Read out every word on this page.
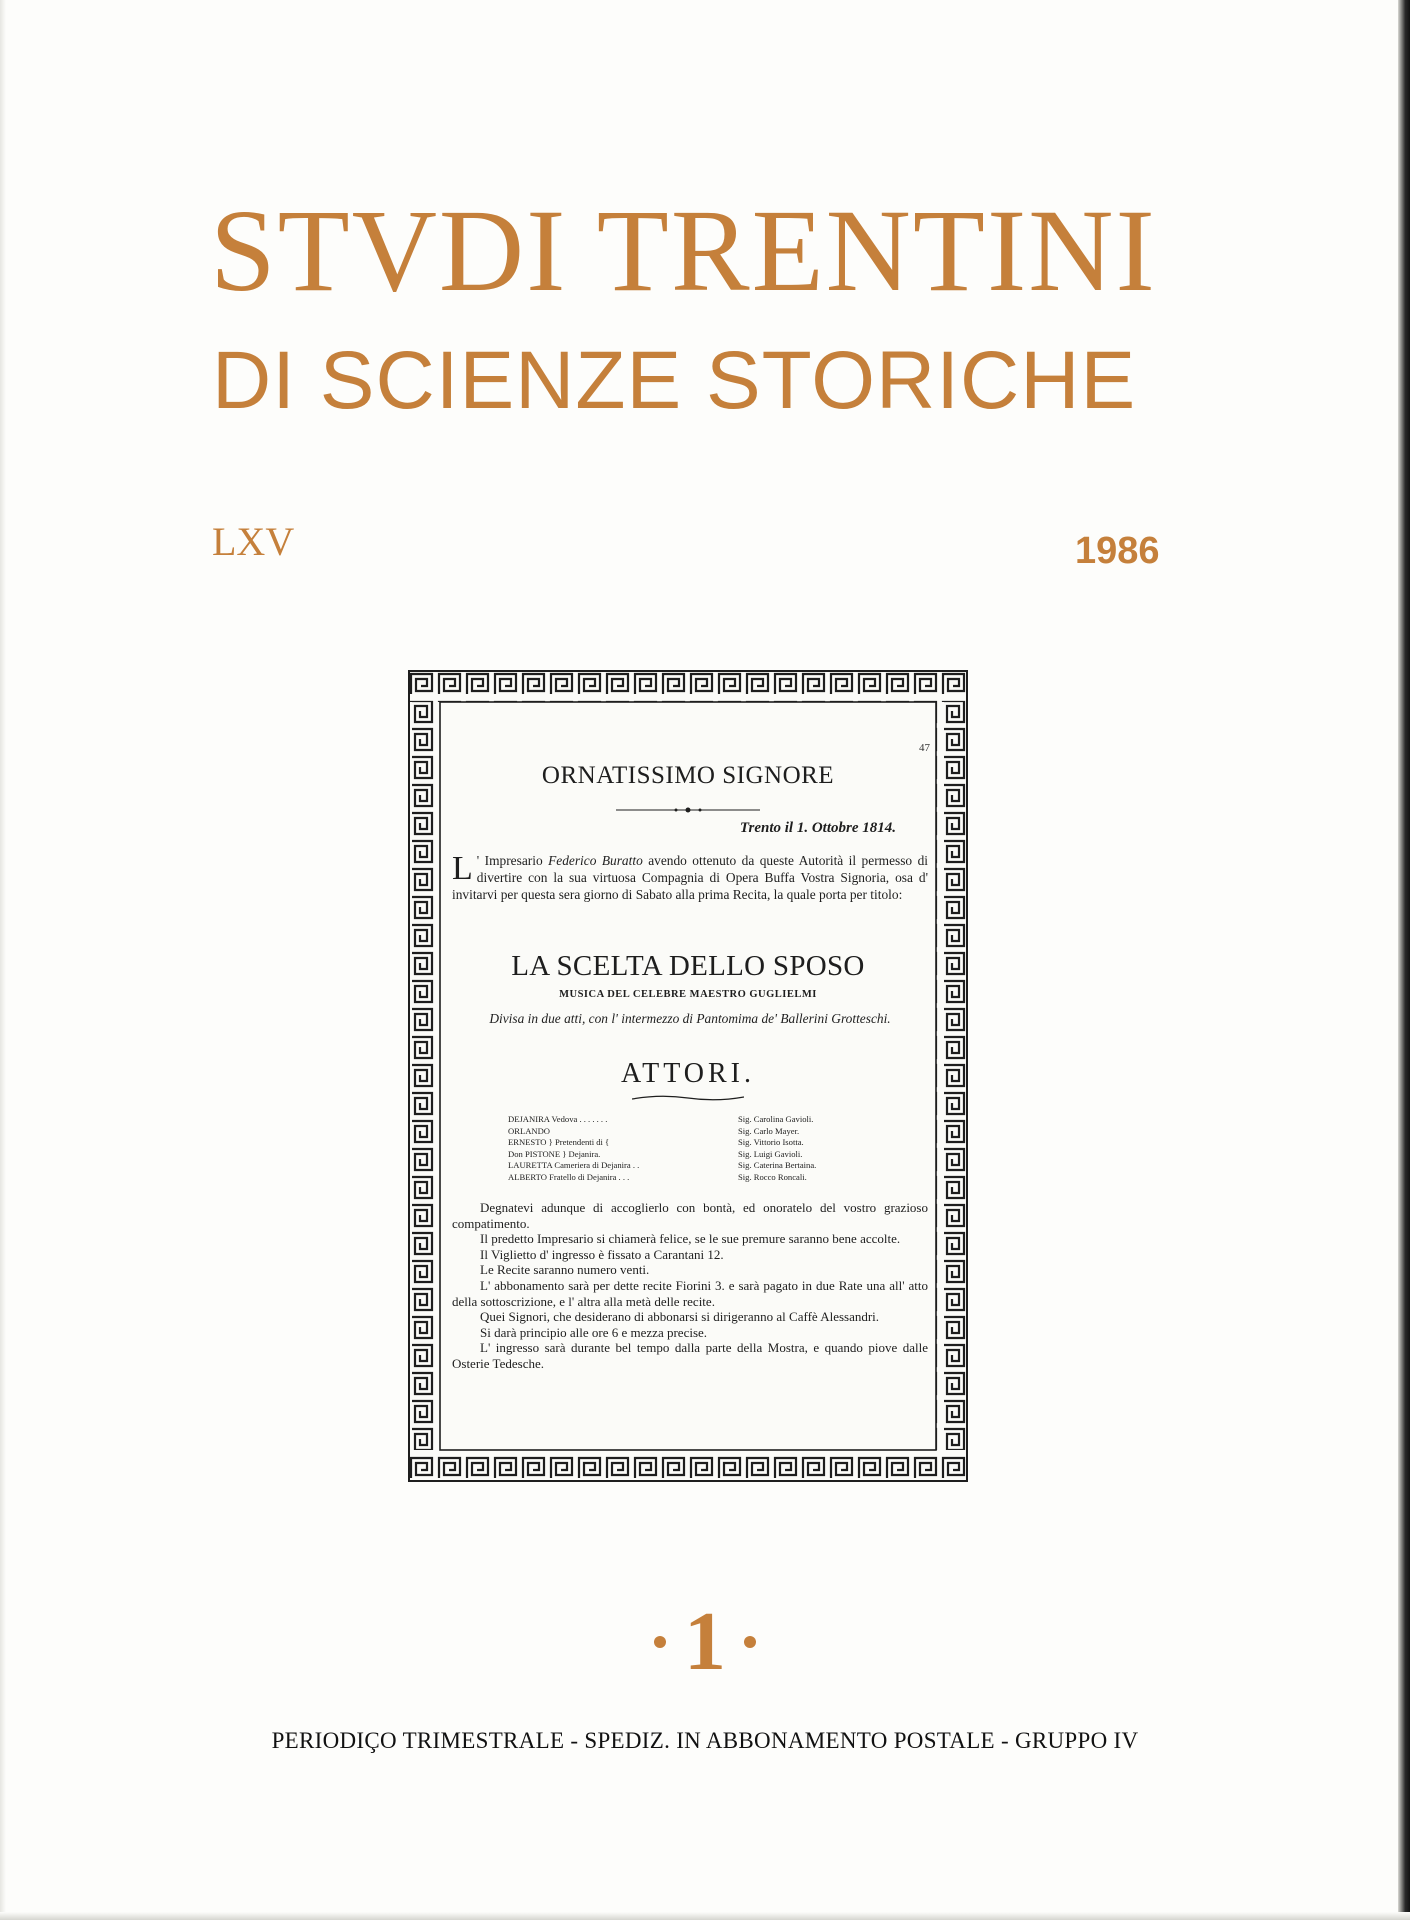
STVDI TRENTINI
DI SCIENZE STORICHE
LXV	1986
47
ORNATISSIMO SIGNORE
Trento il 1. Ottobre 1814.
L ' Impresario Federico Buratto avendo ottenuto da queste Autorità il permesso di divertire con la sua virtuosa Compagnia di Opera Buffa Vostra Signoria, osa d' invitarvi per questa sera giorno di Sabato alla prima Recita, la quale porta per titolo:
LA SCELTA DELLO SPOSO
MUSICA DEL CELEBRE MAESTRO GUGLIELMI
Divisa in due atti, con l' intermezzo di Pantomima de' Ballerini Grotteschi.
ATTORI.
DEJANIRA Vedova . . . . . . .	Sig. Carolina Gavioli.
ORLANDO	Sig. Carlo Mayer.
ERNESTO } Pretendenti di {	Sig. Vittorio Isotta.
Don PISTONE } Dejanira.	Sig. Luigi Gavioli.
LAURETTA Cameriera di Dejanira . .	Sig. Caterina Bertaina.
ALBERTO Fratello di Dejanira . . .	Sig. Rocco Roncali.

Degnatevi adunque di accoglierlo con bontà, ed onoratelo del vostro grazioso compatimento.

Il predetto Impresario si chiamerà felice, se le sue premure saranno bene accolte.

Il Viglietto d' ingresso è fissato a Carantani 12.

Le Recite saranno numero venti.

L' abbonamento sarà per dette recite Fiorini 3. e sarà pagato in due Rate una all' atto della sottoscrizione, e l' altra alla metà delle recite.

Quei Signori, che desiderano di abbonarsi si dirigeranno al Caffè Alessandri.

Si darà principio alle ore 6 e mezza precise.

L' ingresso sarà durante bel tempo dalla parte della Mostra, e quando piove dalle Osterie Tedesche.

1
PERIODIÇO TRIMESTRALE - SPEDIZ. IN ABBONAMENTO POSTALE - GRUPPO IV
